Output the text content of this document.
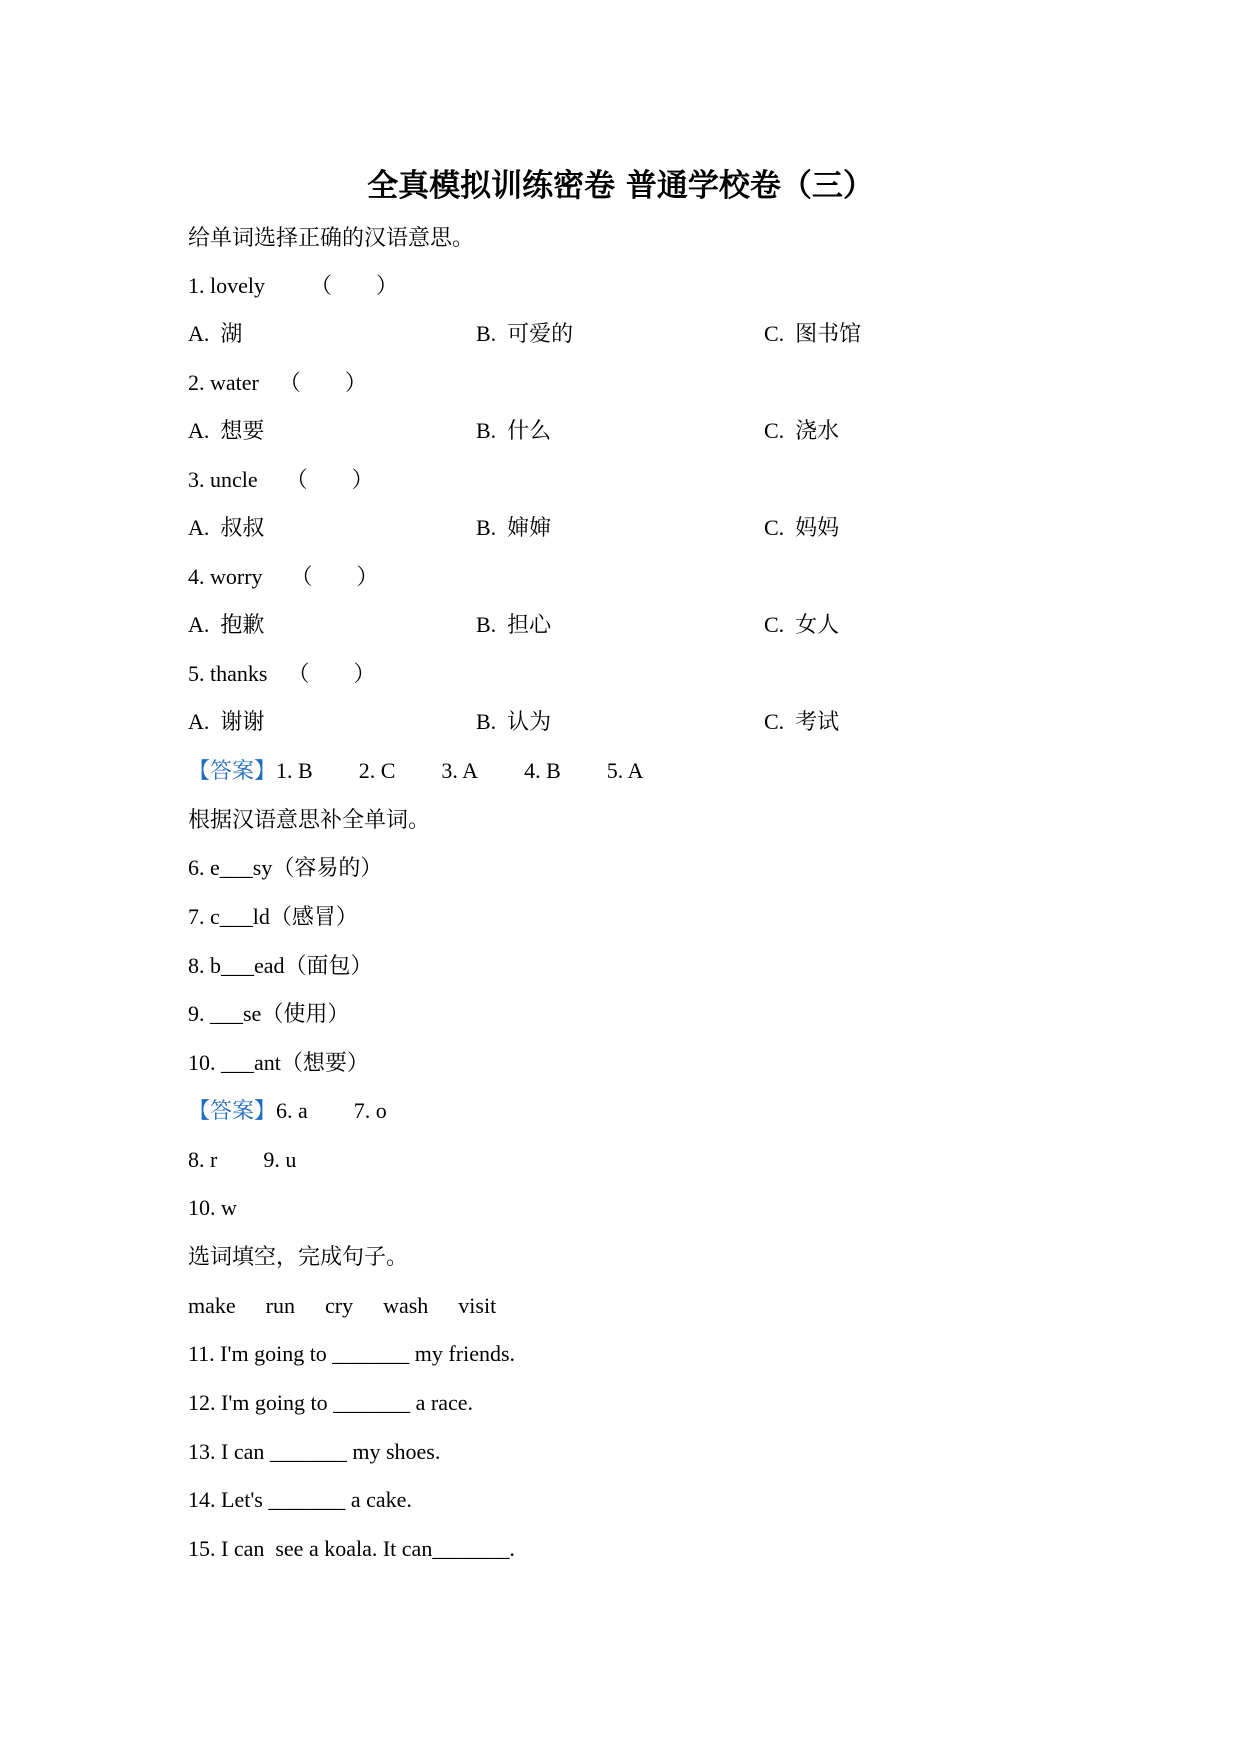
全真模拟训练密卷 普通学校卷（三）
给单词选择正确的汉语意思。
1. lovely （　　）
A.  湖	B.  可爱的	C.  图书馆
2. water （　　）
A.  想要	B.  什么	C.  浇水
3. uncle （　　）
A.  叔叔	B.  婶婶	C.  妈妈
4. worry （　　）
A.  抱歉	B.  担心	C.  女人
5. thanks （　　）
A.  谢谢	B.  认为	C.  考试
【答案】1. B 2. C 3. A 4. B 5. A
根据汉语意思补全单词。
6. e___sy（容易的）
7. c___ld（感冒）
8. b___ead（面包）
9. ___se（使用）
10. ___ant（想要）
【答案】6. a 7. o
8. r 9. u
10. w
选词填空，完成句子。
make run cry wash visit
11. I'm going to _______ my friends.
12. I'm going to _______ a race.
13. I can _______ my shoes.
14. Let's _______ a cake.
15. I can  see a koala. It can_______.
